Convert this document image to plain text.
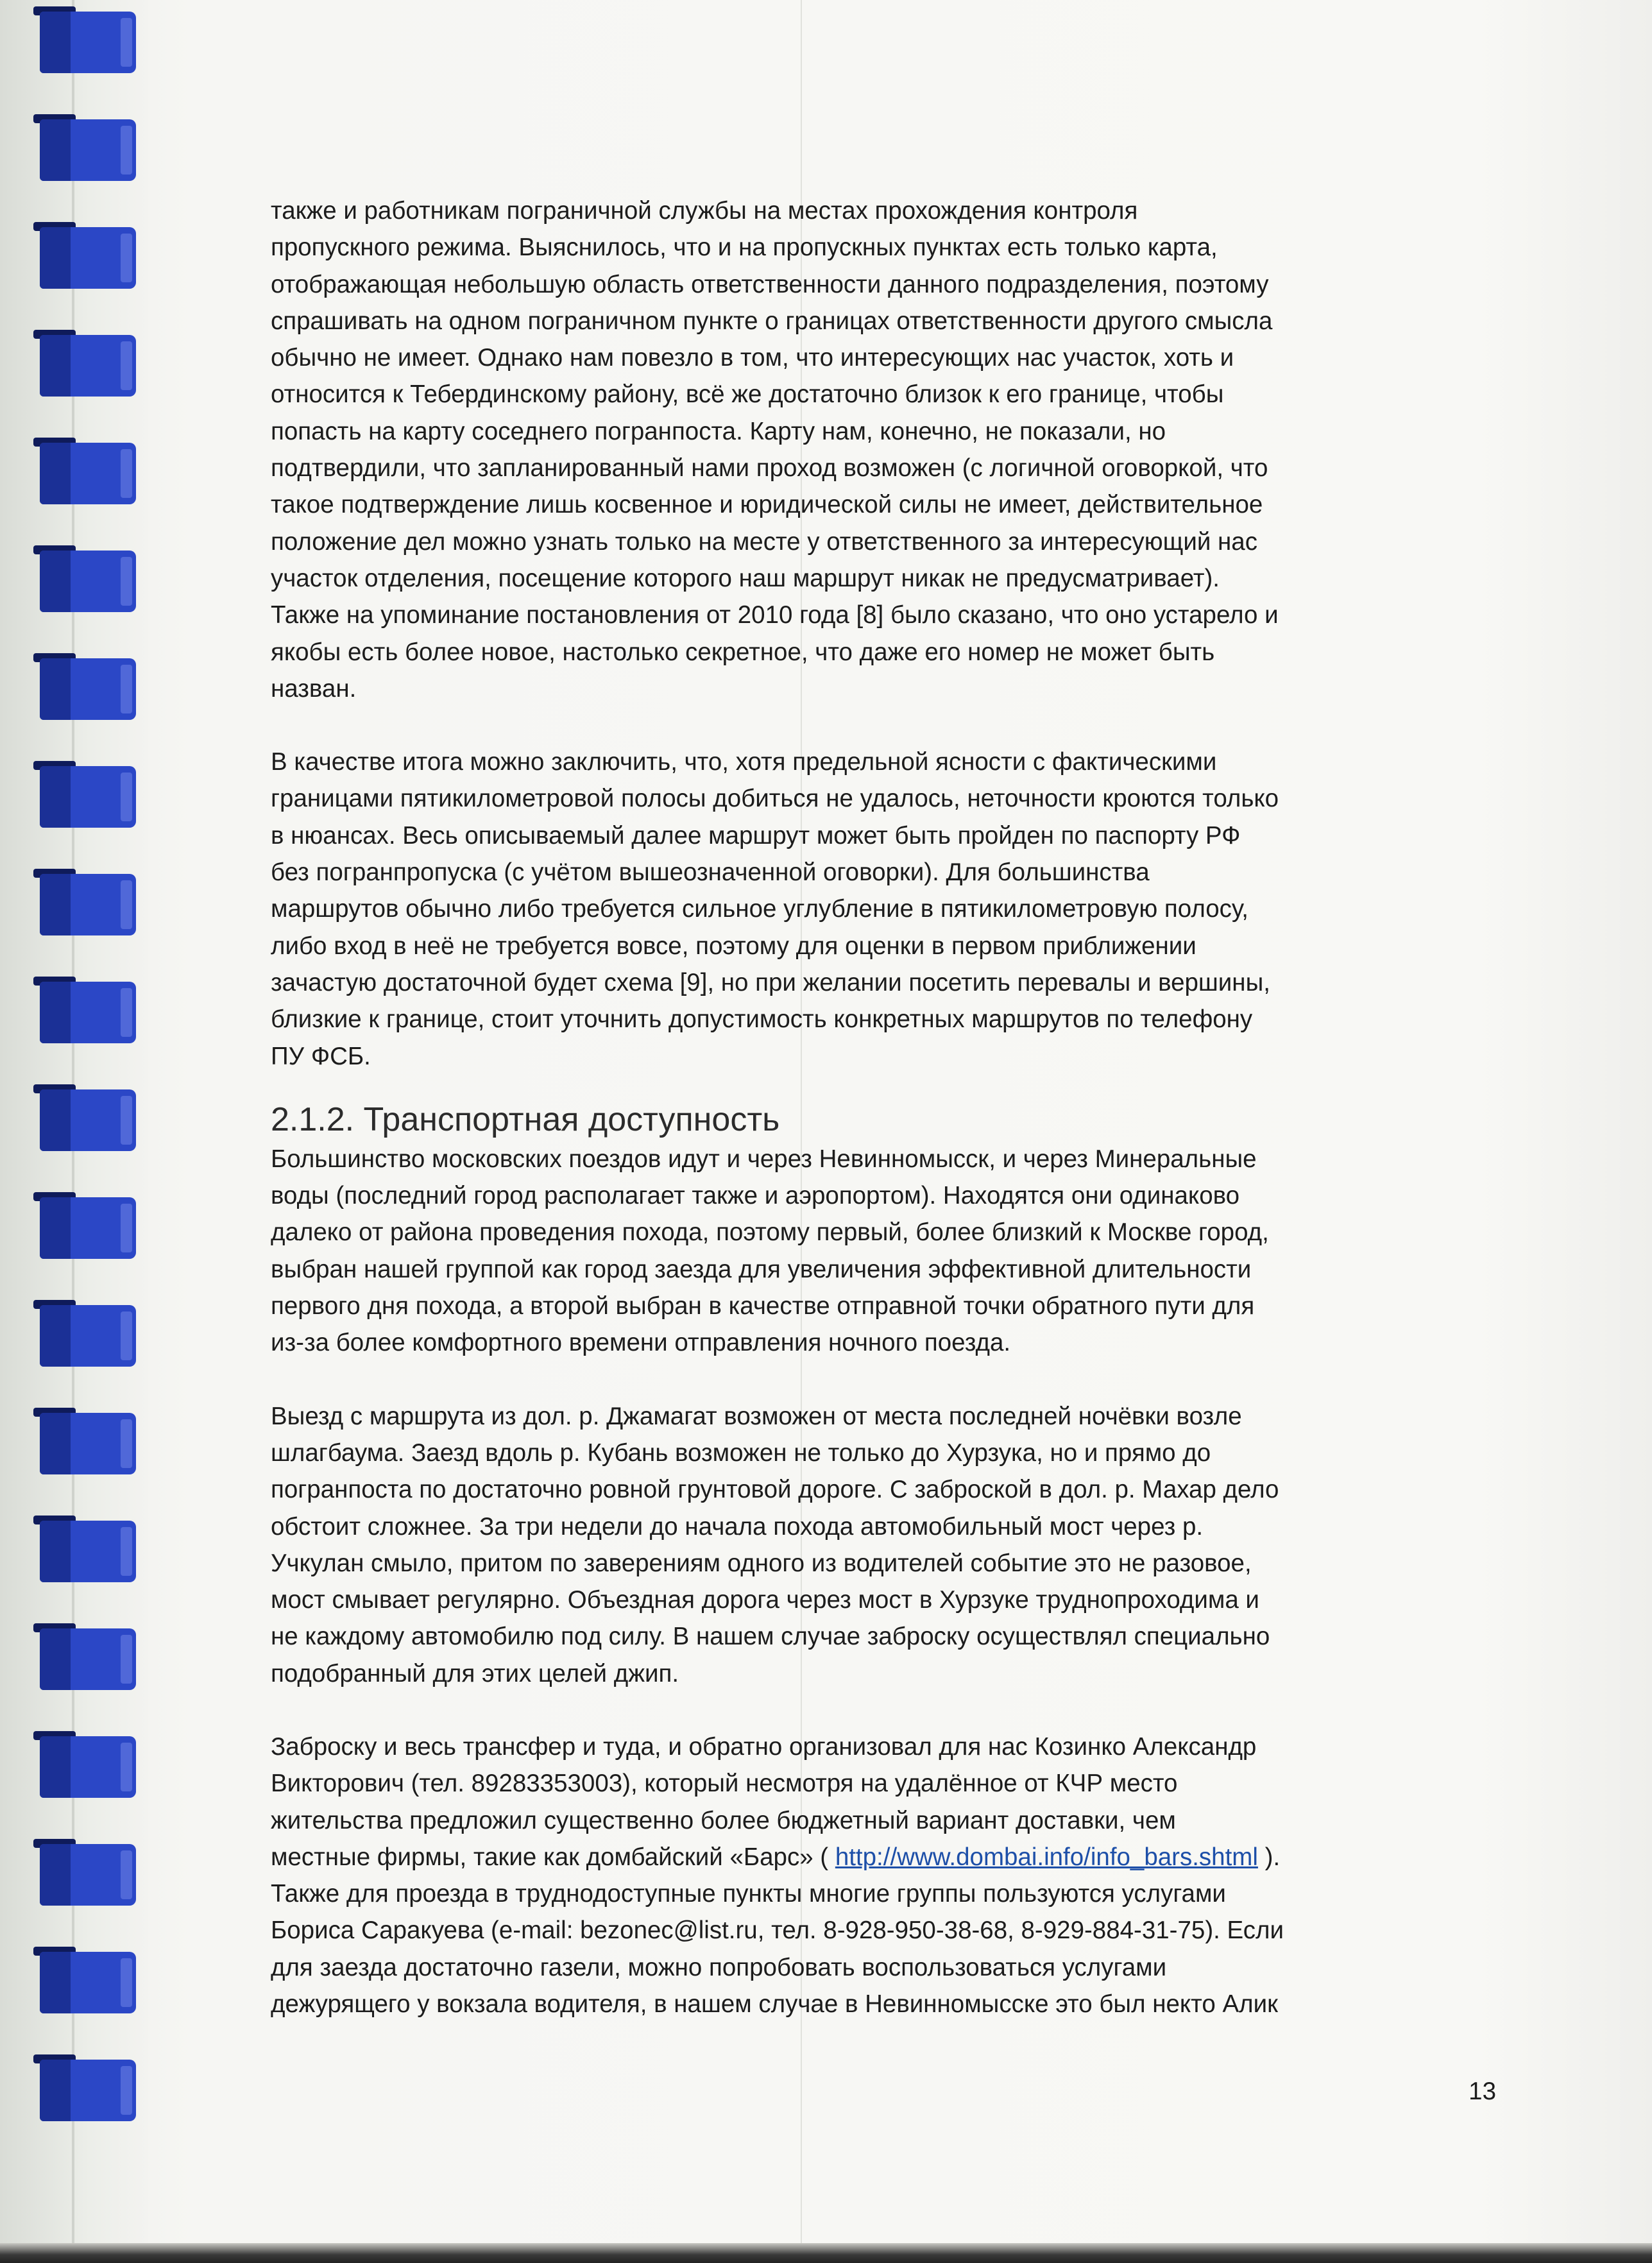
также и работникам пограничной службы на местах прохождения контроля

пропускного режима. Выяснилось, что и на пропускных пунктах есть только карта,

отображающая небольшую область ответственности данного подразделения, поэтому

спрашивать на одном пограничном пункте о границах ответственности другого смысла

обычно не имеет. Однако нам повезло в том, что интересующих нас участок, хоть и

относится к Тебердинскому району, всё же достаточно близок к его границе, чтобы

попасть на карту соседнего погранпоста. Карту нам, конечно, не показали, но

подтвердили, что запланированный нами проход возможен (с логичной оговоркой, что

такое подтверждение лишь косвенное и юридической силы не имеет, действительное

положение дел можно узнать только на месте у ответственного за интересующий нас

участок отделения, посещение которого наш маршрут никак не предусматривает).

Также на упоминание постановления от 2010 года [8] было сказано, что оно устарело и

якобы есть более новое, настолько секретное, что даже его номер не может быть

назван.

В качестве итога можно заключить, что, хотя предельной ясности с фактическими

границами пятикилометровой полосы добиться не удалось, неточности кроются только

в нюансах. Весь описываемый далее маршрут может быть пройден по паспорту РФ

без погранпропуска (с учётом вышеозначенной оговорки). Для большинства

маршрутов обычно либо требуется сильное углубление в пятикилометровую полосу,

либо вход в неё не требуется вовсе, поэтому для оценки в первом приближении

зачастую достаточной будет схема [9], но при желании посетить перевалы и вершины,

близкие к границе, стоит уточнить допустимость конкретных маршрутов по телефону

ПУ ФСБ.

2.1.2. Транспортная доступность

Большинство московских поездов идут и через Невинномысск, и через Минеральные

воды (последний город располагает также и аэропортом). Находятся они одинаково

далеко от района проведения похода, поэтому первый, более близкий к Москве город,

выбран нашей группой как город заезда для увеличения эффективной длительности

первого дня похода, а второй выбран в качестве отправной точки обратного пути для

из-за более комфортного времени отправления ночного поезда.

Выезд с маршрута из дол. р. Джамагат возможен от места последней ночёвки возле

шлагбаума. Заезд вдоль р. Кубань возможен не только до Хурзука, но и прямо до

погранпоста по достаточно ровной грунтовой дороге. С заброской в дол. р. Махар дело

обстоит сложнее. За три недели до начала похода автомобильный мост через р.

Учкулан смыло, притом по заверениям одного из водителей событие это не разовое,

мост смывает регулярно. Объездная дорога через мост в Хурзуке труднопроходима и

не каждому автомобилю под силу. В нашем случае заброску осуществлял специально

подобранный для этих целей джип.

Заброску и весь трансфер и туда, и обратно организовал для нас Козинко Александр

Викторович (тел. 89283353003), который несмотря на удалённое от КЧР место

жительства предложил существенно более бюджетный вариант доставки, чем

местные фирмы, такие как домбайский «Барс» ( http://www.dombai.info/info_bars.shtml ).

Также для проезда в труднодоступные пункты многие группы пользуются услугами

Бориса Саракуева (e-mail: bezonec@list.ru, тел. 8-928-950-38-68, 8-929-884-31-75). Если

для заезда достаточно газели, можно попробовать воспользоваться услугами

дежурящего у вокзала водителя, в нашем случае в Невинномысске это был некто Алик

13
